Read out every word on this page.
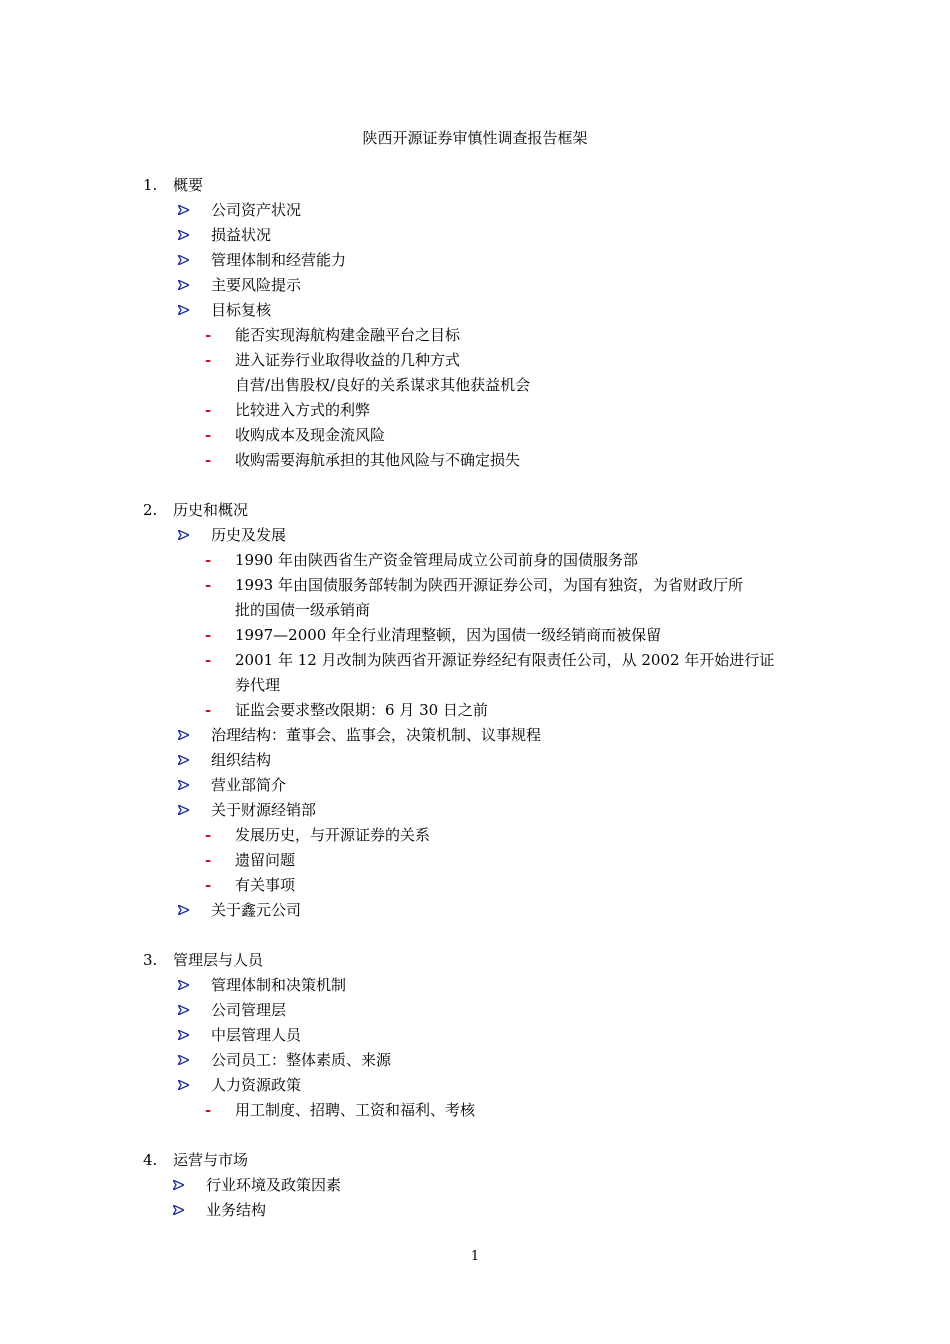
陕西开源证券审慎性调查报告框架
1. 概要
公司资产状况
损益状况
管理体制和经营能力
主要风险提示
目标复核
- 能否实现海航构建金融平台之目标
- 进入证券行业取得收益的几种方式
自营/出售股权/良好的关系谋求其他获益机会
- 比较进入方式的利弊
- 收购成本及现金流风险
- 收购需要海航承担的其他风险与不确定损失
2. 历史和概况
历史及发展
- 1990 年由陕西省生产资金管理局成立公司前身的国债服务部
- 1993 年由国债服务部转制为陕西开源证券公司，为国有独资，为省财政厅所
批的国债一级承销商
- 1997—2000 年全行业清理整顿，因为国债一级经销商而被保留
- 2001 年 12 月改制为陕西省开源证券经纪有限责任公司，从 2002 年开始进行证
券代理
- 证监会要求整改限期：6 月 30 日之前
治理结构：董事会、监事会，决策机制、议事规程
组织结构
营业部简介
关于财源经销部
- 发展历史，与开源证券的关系
- 遗留问题
- 有关事项
关于鑫元公司
3. 管理层与人员
管理体制和决策机制
公司管理层
中层管理人员
公司员工：整体素质、来源
人力资源政策
- 用工制度、招聘、工资和福利、考核
4. 运营与市场
行业环境及政策因素
业务结构
1
